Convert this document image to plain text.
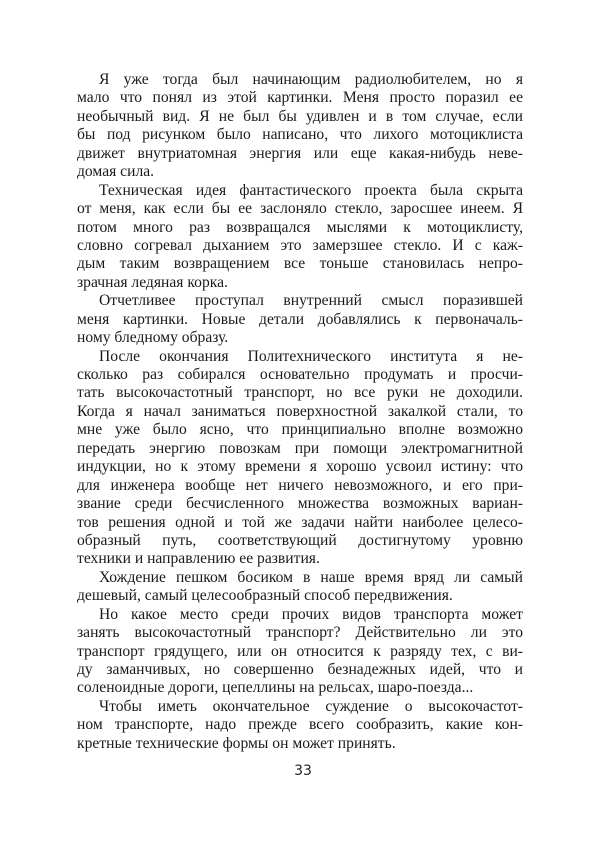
Я уже тогда был начинающим радиолюбителем, но я
мало что понял из этой картинки. Меня просто поразил ее
необычный вид. Я не был бы удивлен и в том случае, если
бы под рисунком было написано, что лихого мотоциклиста
движет внутриатомная энергия или еще какая-нибудь неве-
домая сила.
Техническая идея фантастического проекта была скрыта
от меня, как если бы ее заслоняло стекло, заросшее инеем. Я
потом много раз возвращался мыслями к мотоциклисту,
словно согревал дыханием это замерзшее стекло. И с каж-
дым таким возвращением все тоньше становилась непро-
зрачная ледяная корка.
Отчетливее проступал внутренний смысл поразившей
меня картинки. Новые детали добавлялись к первоначаль-
ному бледному образу.
После окончания Политехнического института я не-
сколько раз собирался основательно продумать и просчи-
тать высокочастотный транспорт, но все руки не доходили.
Когда я начал заниматься поверхностной закалкой стали, то
мне уже было ясно, что принципиально вполне возможно
передать энергию повозкам при помощи электромагнитной
индукции, но к этому времени я хорошо усвоил истину: что
для инженера вообще нет ничего невозможного, и его при-
звание среди бесчисленного множества возможных вариан-
тов решения одной и той же задачи найти наиболее целесо-
образный путь, соответствующий достигнутому уровню
техники и направлению ее развития.
Хождение пешком босиком в наше время вряд ли самый
дешевый, самый целесообразный способ передвижения.
Но какое место среди прочих видов транспорта может
занять высокочастотный транспорт? Действительно ли это
транспорт грядущего, или он относится к разряду тех, с ви-
ду заманчивых, но совершенно безнадежных идей, что и
соленоидные дороги, цепеллины на рельсах, шаро-поезда...
Чтобы иметь окончательное суждение о высокочастот-
ном транспорте, надо прежде всего сообразить, какие кон-
кретные технические формы он может принять.
33
